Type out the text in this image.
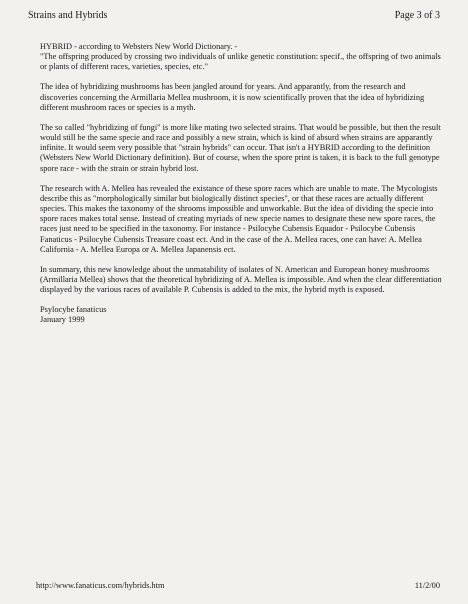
Strains and Hybrids	Page 3 of 3

HYBRID - according to Websters New World Dictionary. -
"The offspring produced by crossing two individuals of unlike genetic constitution: specif., the offspring of two animals or plants of different races, varieties, species, etc."

The idea of hybridizing mushrooms has been jangled around for years. And apparantly, from the research and discoveries concerning the Armillaria Mellea mushroom, it is now scientifically proven that the idea of hybridizing different mushroom races or species is a myth.

The so called "hybridizing of fungi" is more like mating two selected strains. That would be possible, but then the result would still be the same specie and race and possibly a new strain, which is kind of absurd when strains are apparantly infinite. It would seem very possible that "strain hybrids" can occur. That isn't a HYBRID according to the definition (Websters New World Dictionary definition). But of course, when the spore print is taken, it is back to the full genotype spore race - with the strain or strain hybrid lost.

The research with A. Mellea has revealed the existance of these spore races which are unable to mate. The Mycologists describe this as "morphologically similar but biologically distinct species", or that these races are actually different species. This makes the taxonomy of the shrooms impossible and unworkable. But the idea of dividing the specie into spore races makes total sense. Instead of creating myriads of new specie names to designate these new spore races, the races just need to be specified in the taxonomy. For instance - Psilocybe Cubensis Equador - Psilocybe Cubensis Fanaticus - Psilocybe Cubensis Treasure coast ect. And in the case of the A. Mellea races, one can have: A. Mellea California - A. Mellea Europa or A. Mellea Japanensis ect.

In summary, this new knowledge about the unmatability of isolates of N. American and European honey mushrooms (Armillaria Mellea) shows that the theoretical hybridizing of A. Mellea is impossible. And when the clear differentiation displayed by the various races of available P. Cubensis is added to the mix, the hybrid myth is exposed.

Psylocybe fanaticus
January 1999

http://www.fanaticus.com/hybrids.htm	11/2/00
